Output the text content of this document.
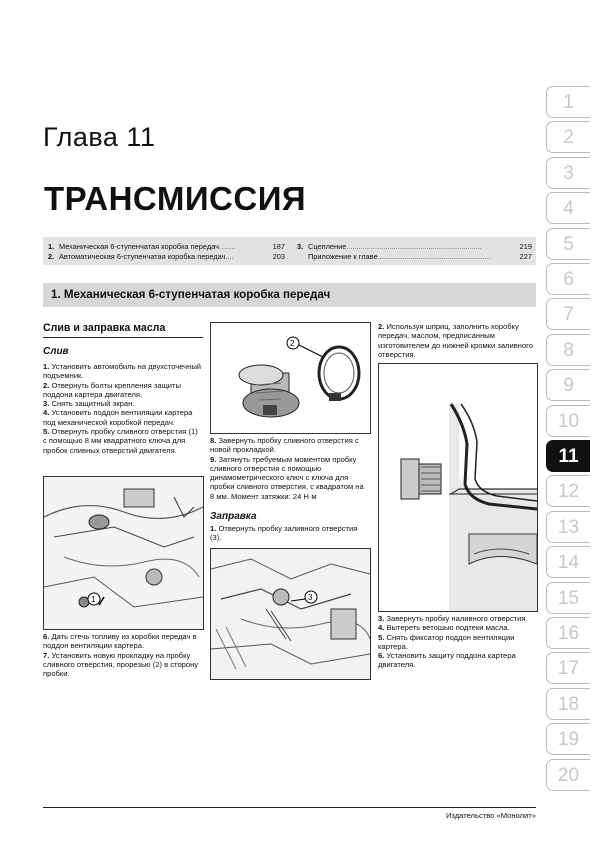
Глава 11
ТРАНСМИССИЯ
1. Механическая 6-ступенчатая коробка передач........	187
2. Автоматическая 6-ступенчатая коробка передач....	203
3. Сцепление..................................................................	219
Приложение к главе.......................................................	227
1. Механическая 6-ступенчатая коробка передач
Слив и заправка масла
Слив
1. Установить автомобиль на двухсточечный подъемник.
2. Отвернуть болты крепления защиты поддона картера двигателя.
3. Снять защитный экран.
4. Установить поддон вентиляции картера под механической коробкой передач.
5. Отвернуть пробку сливного отверстия (1) с помощью 8 мм квадратного ключа для пробок сливных отверстий двигателя.
1
6. Дать стечь топливу из коробки передач в поддон вентиляции картера.
7. Установить новую прокладку на пробку сливного отверстия, прорезью (2) в сторону пробки.
2
8. Завернуть пробку сливного отверстия с новой прокладкой.
9. Затянуть требуемым моментом пробку сливного отверстия с помощью динамометрического ключ с ключа для пробки сливного отверстия, с квадратом на 8 мм. Момент затяжки: 24 Н·м
Заправка
1. Отвернуть пробку заливного отверстия (3).
3
2. Используя шприц, заполнить коробку передач, маслом, предписанным изготовителем до нижней кромки заливного отверстия.
3. Завернуть пробку наливного отверстия.
4. Вытереть ветошью подтеки масла.
5. Снять фиксатор поддон вентиляции картера.
6. Установить защиту поддона картера двигателя.
1
2
3
4
5
6
7
8
9
10
11
12
13
14
15
16
17
18
19
20
Издательство «Монолит»
